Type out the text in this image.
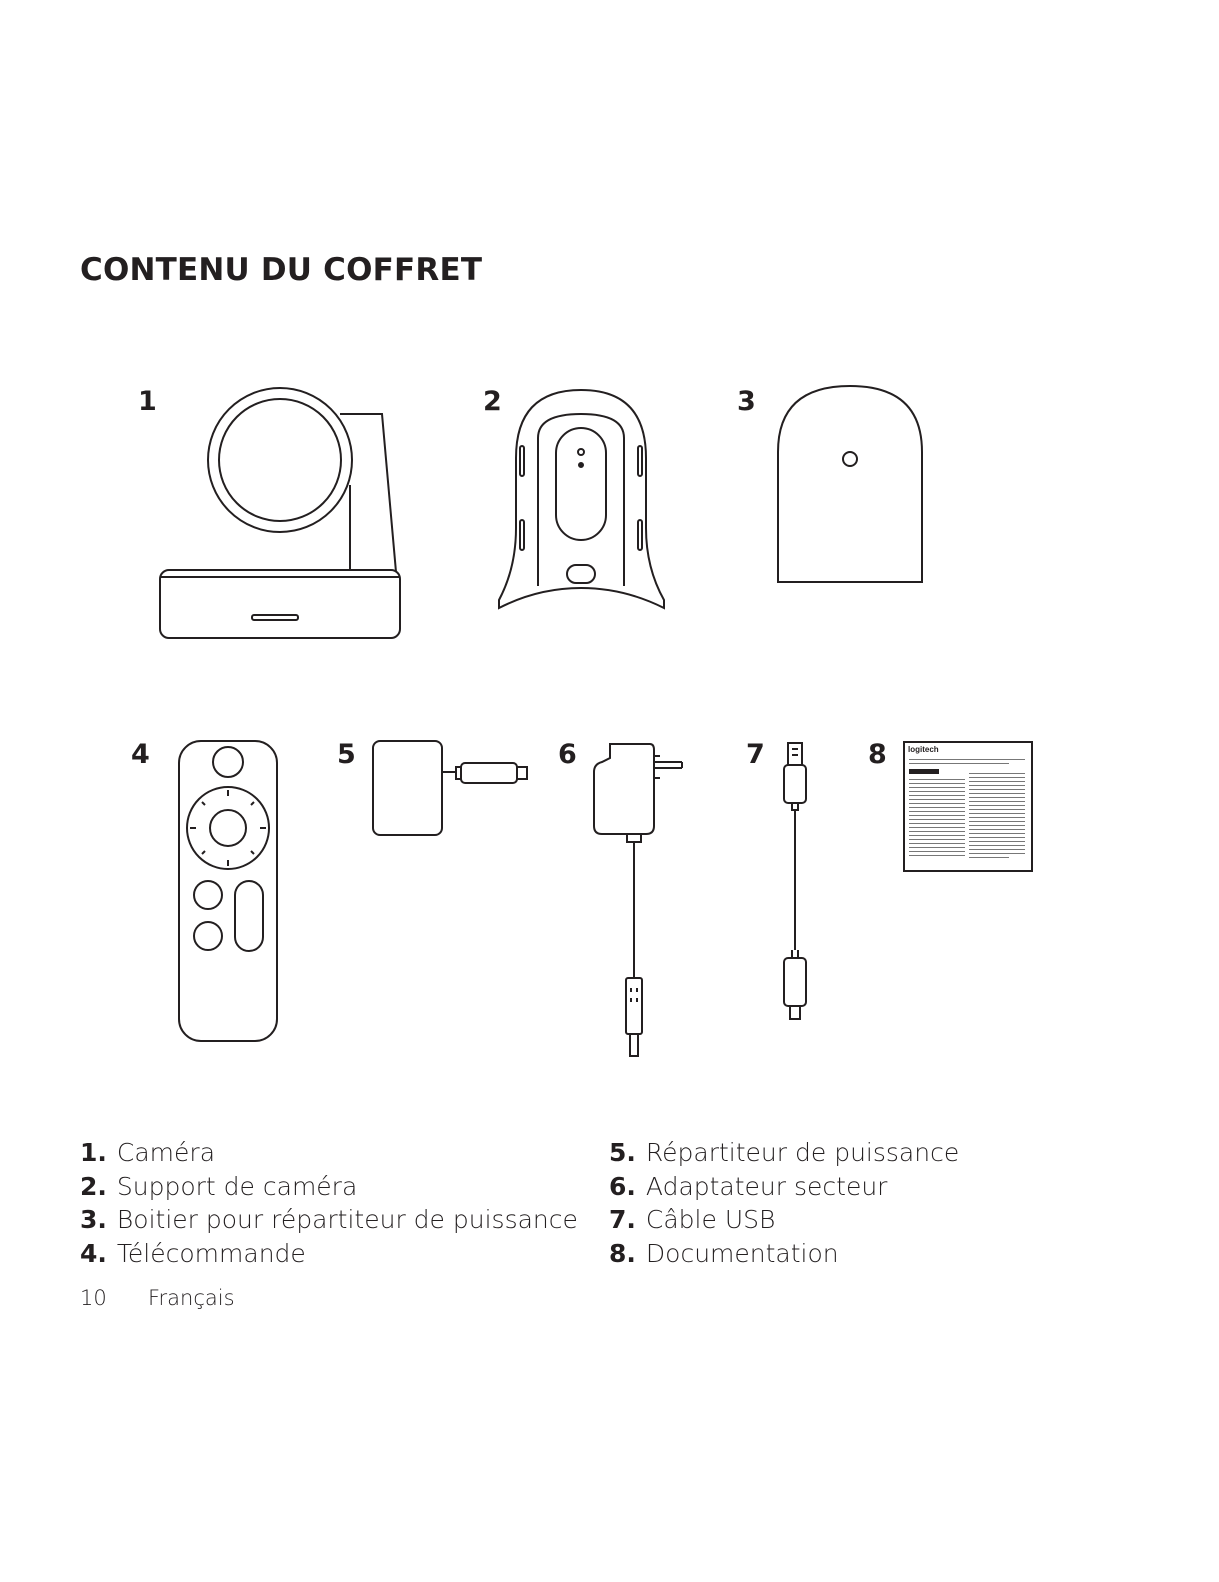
CONTENU DU COFFRET
1	2	3
4	5	6	7	8	logitech
1. Caméra
2. Support de caméra
3. Boitier pour répartiteur de puissance
4. Télécommande
5. Répartiteur de puissance
6. Adaptateur secteur
7. Câble USB
8. Documentation
10 Français
